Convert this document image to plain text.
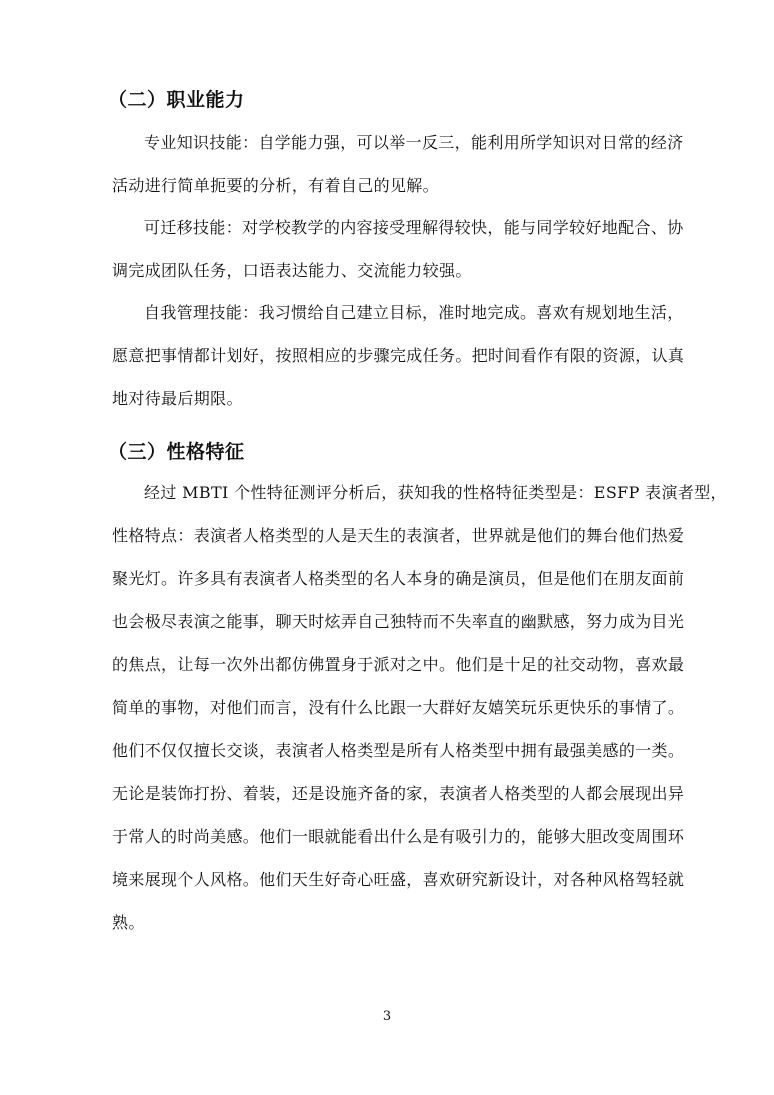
（二）职业能力
专业知识技能：自学能力强，可以举一反三，能利用所学知识对日常的经济
活动进行简单扼要的分析，有着自己的见解。
可迁移技能：对学校教学的内容接受理解得较快，能与同学较好地配合、协
调完成团队任务，口语表达能力、交流能力较强。
自我管理技能：我习惯给自己建立目标，准时地完成。喜欢有规划地生活，
愿意把事情都计划好，按照相应的步骤完成任务。把时间看作有限的资源，认真
地对待最后期限。
（三）性格特征
经过 MBTI 个性特征测评分析后，获知我的性格特征类型是：ESFP 表演者型，
性格特点：表演者人格类型的人是天生的表演者，世界就是他们的舞台他们热爱
聚光灯。许多具有表演者人格类型的名人本身的确是演员，但是他们在朋友面前
也会极尽表演之能事，聊天时炫弄自己独特而不失率直的幽默感，努力成为目光
的焦点，让每一次外出都仿佛置身于派对之中。他们是十足的社交动物，喜欢最
简单的事物，对他们而言，没有什么比跟一大群好友嬉笑玩乐更快乐的事情了。
他们不仅仅擅长交谈，表演者人格类型是所有人格类型中拥有最强美感的一类。
无论是装饰打扮、着装，还是设施齐备的家，表演者人格类型的人都会展现出异
于常人的时尚美感。他们一眼就能看出什么是有吸引力的，能够大胆改变周围环
境来展现个人风格。他们天生好奇心旺盛，喜欢研究新设计，对各种风格驾轻就
熟。
3
